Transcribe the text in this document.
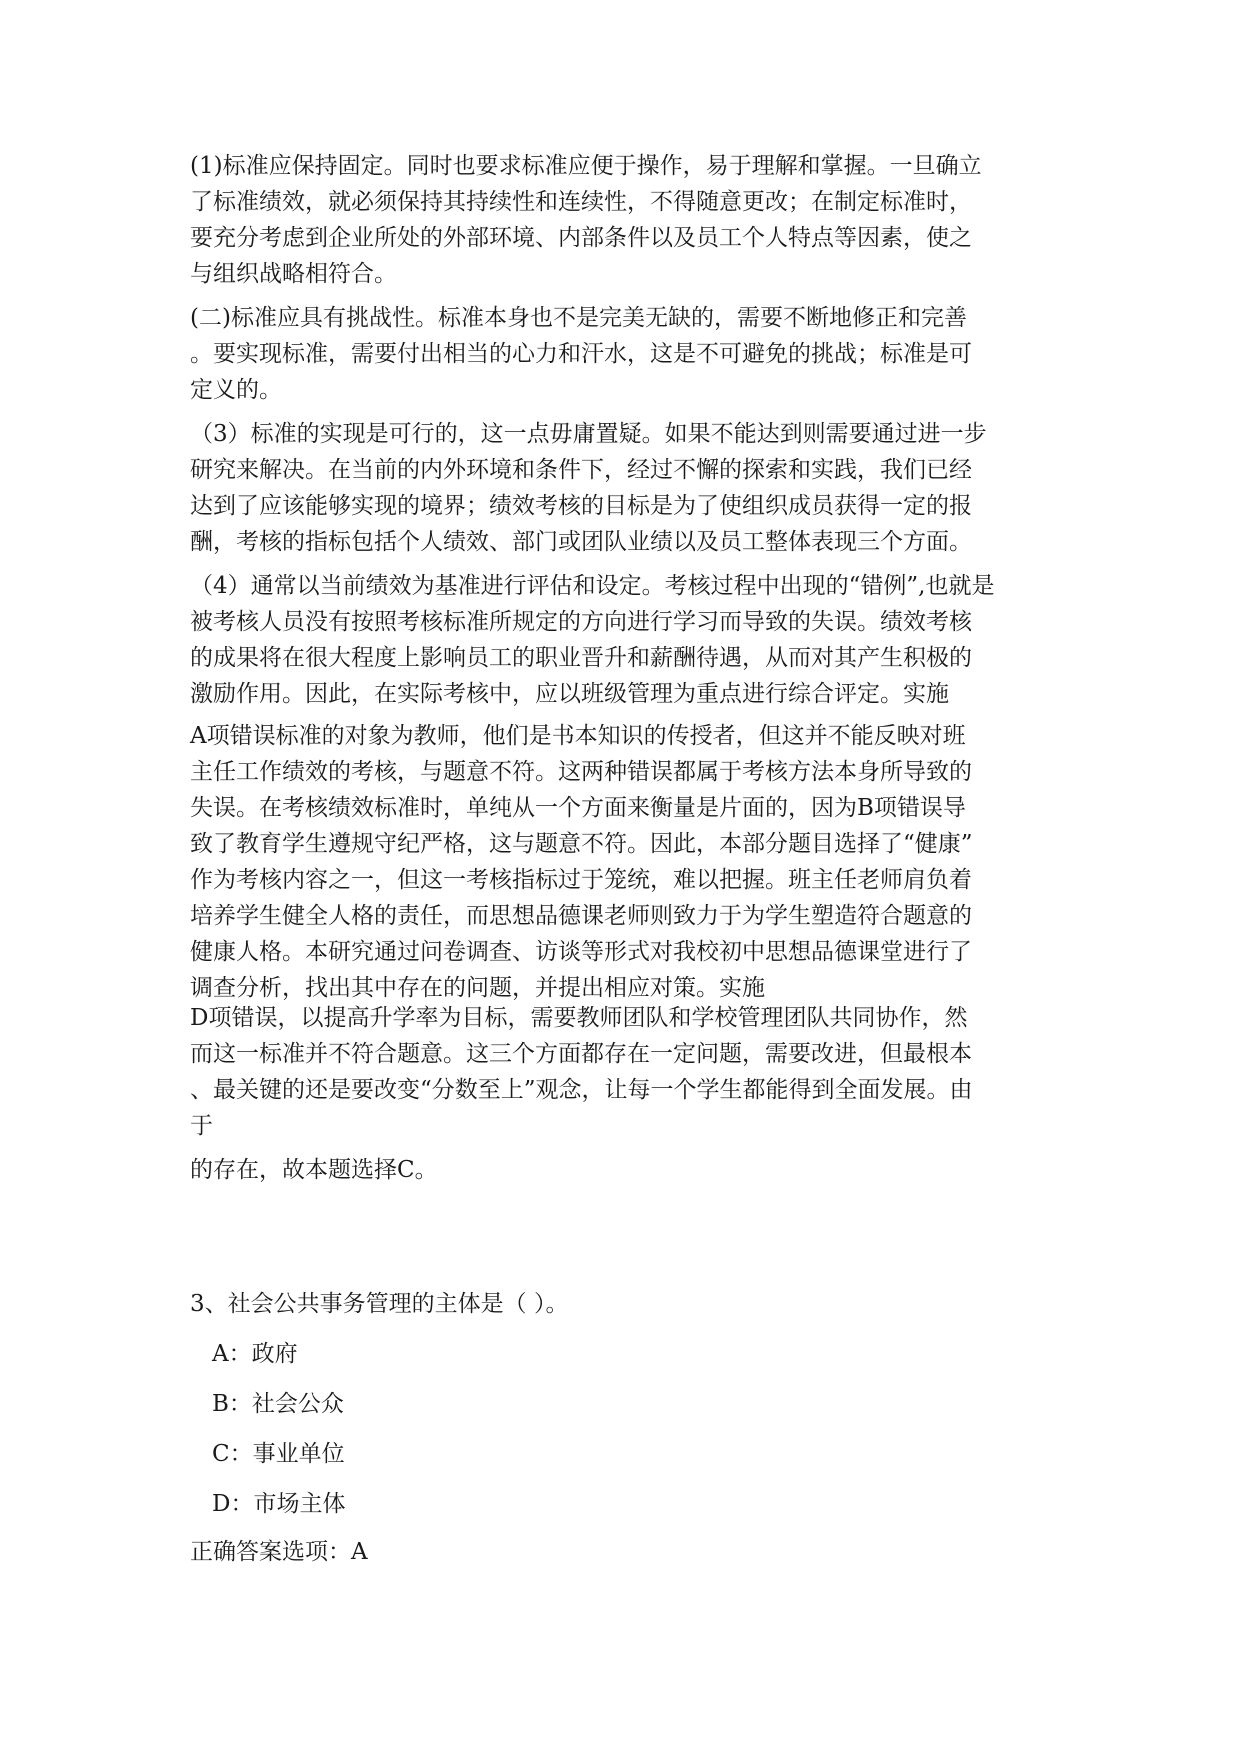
(1)标准应保持固定。同时也要求标准应便于操作，易于理解和掌握。一旦确立
了标准绩效，就必须保持其持续性和连续性，不得随意更改；在制定标准时，
要充分考虑到企业所处的外部环境、内部条件以及员工个人特点等因素，使之
与组织战略相符合。
(二)标准应具有挑战性。标准本身也不是完美无缺的，需要不断地修正和完善
。要实现标准，需要付出相当的心力和汗水，这是不可避免的挑战；标准是可
定义的。
（3）标准的实现是可行的，这一点毋庸置疑。如果不能达到则需要通过进一步
研究来解决。在当前的内外环境和条件下，经过不懈的探索和实践，我们已经
达到了应该能够实现的境界；绩效考核的目标是为了使组织成员获得一定的报
酬，考核的指标包括个人绩效、部门或团队业绩以及员工整体表现三个方面。
（4）通常以当前绩效为基准进行评估和设定。考核过程中出现的“错例”,也就是
被考核人员没有按照考核标准所规定的方向进行学习而导致的失误。绩效考核
的成果将在很大程度上影响员工的职业晋升和薪酬待遇，从而对其产生积极的
激励作用。因此，在实际考核中，应以班级管理为重点进行综合评定。实施
A项错误标准的对象为教师，他们是书本知识的传授者，但这并不能反映对班
主任工作绩效的考核，与题意不符。这两种错误都属于考核方法本身所导致的
失误。在考核绩效标准时，单纯从一个方面来衡量是片面的，因为B项错误导
致了教育学生遵规守纪严格，这与题意不符。因此，本部分题目选择了“健康”
作为考核内容之一，但这一考核指标过于笼统，难以把握。班主任老师肩负着
培养学生健全人格的责任，而思想品德课老师则致力于为学生塑造符合题意的
健康人格。本研究通过问卷调查、访谈等形式对我校初中思想品德课堂进行了
调查分析，找出其中存在的问题，并提出相应对策。实施
D项错误，以提高升学率为目标，需要教师团队和学校管理团队共同协作，然
而这一标准并不符合题意。这三个方面都存在一定问题，需要改进，但最根本
、最关键的还是要改变“分数至上”观念，让每一个学生都能得到全面发展。由
于
的存在，故本题选择C。
3、社会公共事务管理的主体是（ ）。
A：政府
B：社会公众
C：事业单位
D：市场主体
正确答案选项：A
